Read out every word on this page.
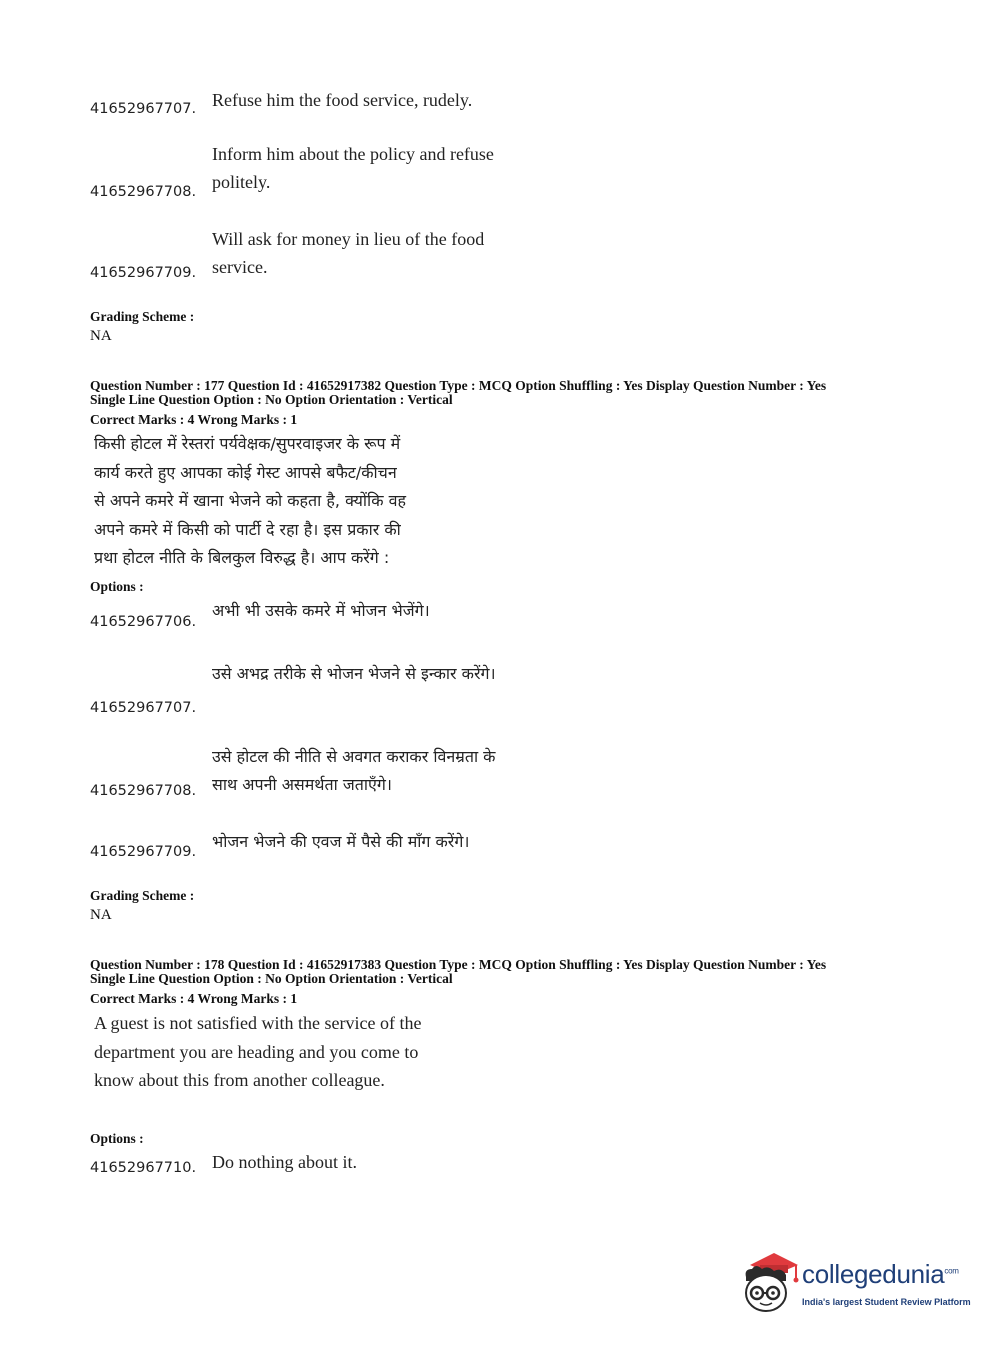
41652967707. Refuse him the food service, rudely.
41652967708.
Inform him about the policy and refuse politely.
41652967709.
Will ask for money in lieu of the food service.
Grading Scheme :
NA
Question Number : 177 Question Id : 41652917382 Question Type : MCQ Option Shuffling : Yes Display Question Number : Yes
Single Line Question Option : No Option Orientation : Vertical
Correct Marks : 4 Wrong Marks : 1
किसी होटल में रेस्तरां पर्यवेक्षक/सुपरवाइजर के रूप में
कार्य करते हुए आपका कोई गेस्ट आपसे बफैट/कीचन
से अपने कमरे में खाना भेजने को कहता है, क्योंकि वह
अपने कमरे में किसी को पार्टी दे रहा है। इस प्रकार की
प्रथा होटल नीति के बिलकुल विरुद्ध है। आप करेंगे :
Options :
41652967706.
अभी भी उसके कमरे में भोजन भेजेंगे।
41652967707.
उसे अभद्र तरीके से भोजन भेजने से इन्कार करेंगे।
41652967708.
उसे होटल की नीति से अवगत कराकर विनम्रता के साथ अपनी असमर्थता जताएँगे।
41652967709.
भोजन भेजने की एवज में पैसे की माँग करेंगे।
Grading Scheme :
NA
Question Number : 178 Question Id : 41652917383 Question Type : MCQ Option Shuffling : Yes Display Question Number : Yes
Single Line Question Option : No Option Orientation : Vertical
Correct Marks : 4 Wrong Marks : 1
A guest is not satisfied with the service of the department you are heading and you come to know about this from another colleague.
Options :
41652967710. Do nothing about it.
collegedunia$^{com}$
India's largest Student Review Platform
